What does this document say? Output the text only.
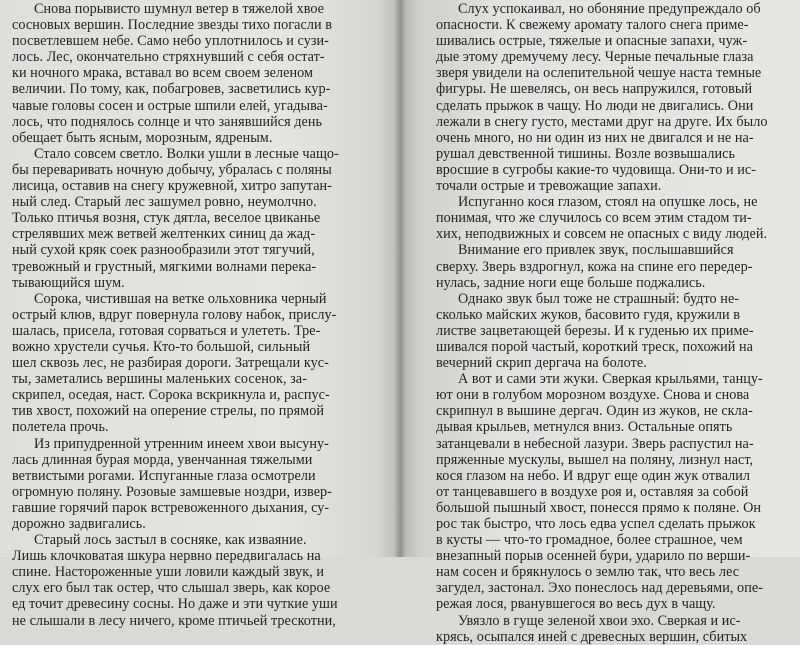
Снова порывисто шумнул ветер в тяжелой хвое
сосновых вершин. Последние звезды тихо погасли в
посветлевшем небе. Само небо уплотнилось и сузи-
лось. Лес, окончательно стряхнувший с себя остат-
ки ночного мрака, вставал во всем своем зеленом
величии. По тому, как, побагровев, засветились кур-
чавые головы сосен и острые шпили елей, угадыва-
лось, что поднялось солнце и что занявшийся день
обещает быть ясным, морозным, ядреным.
Стало совсем светло. Волки ушли в лесные чащо-
бы переваривать ночную добычу, убралась с поляны
лисица, оставив на снегу кружевной, хитро запутан-
ный след. Старый лес зашумел ровно, неумолчно.
Только птичья возня, стук дятла, веселое цвиканье
стрелявших меж ветвей желтенких синиц да жад-
ный сухой кряк соек разнообразили этот тягучий,
тревожный и грустный, мягкими волнами перека-
тывающийся шум.
Сорока, чистившая на ветке ольховника черный
острый клюв, вдруг повернула голову набок, прислу-
шалась, присела, готовая сорваться и улететь. Тре-
вожно хрустели сучья. Кто-то большой, сильный
шел сквозь лес, не разбирая дороги. Затрещали кус-
ты, заметались вершины маленьких сосенок, за-
скрипел, оседая, наст. Сорока вскрикнула и, распус-
тив хвост, похожий на оперение стрелы, по прямой
полетела прочь.
Из припудренной утренним инеем хвои высуну-
лась длинная бурая морда, увенчанная тяжелыми
ветвистыми рогами. Испуганные глаза осмотрели
огромную поляну. Розовые замшевые ноздри, извер-
гавшие горячий парок встревоженного дыхания, су-
дорожно задвигались.
Старый лось застыл в сосняке, как изваяние.
Лишь клочковатая шкура нервно передвигалась на
спине. Настороженные уши ловили каждый звук, и
слух его был так остер, что слышал зверь, как корое
ед точит древесину сосны. Но даже и эти чуткие уши
не слышали в лесу ничего, кроме птичьей трескотни,
Слух успокаивал, но обоняние предупреждало об
опасности. К свежему аромату талого снега приме-
шивались острые, тяжелые и опасные запахи, чуж-
дые этому дремучему лесу. Черные печальные глаза
зверя увидели на ослепительной чешуе наста темные
фигуры. Не шевелясь, он весь напружился, готовый
сделать прыжок в чащу. Но люди не двигались. Они
лежали в снегу густо, местами друг на друге. Их было
очень много, но ни один из них не двигался и не на-
рушал девственной тишины. Возле возвышались
вросшие в сугробы какие-то чудовища. Они-то и ис-
точали острые и тревожащие запахи.
Испуганно кося глазом, стоял на опушке лось, не
понимая, что же случилось со всем этим стадом ти-
хих, неподвижных и совсем не опасных с виду людей.
Внимание его привлек звук, послышавшийся
сверху. Зверь вздрогнул, кожа на спине его передер-
нулась, задние ноги еще больше поджались.
Однако звук был тоже не страшный: будто не-
сколько майских жуков, басовито гудя, кружили в
листве зацветающей березы. И к гуденью их приме-
шивался порой частый, короткий треск, похожий на
вечерний скрип дергача на болоте.
А вот и сами эти жуки. Сверкая крыльями, танцу-
ют они в голубом морозном воздухе. Снова и снова
скрипнул в вышине дергач. Один из жуков, не скла-
дывая крыльев, метнулся вниз. Остальные опять
затанцевали в небесной лазури. Зверь распустил на-
пряженные мускулы, вышел на поляну, лизнул наст,
кося глазом на небо. И вдруг еще один жук отвалил
от танцевавшего в воздухе роя и, оставляя за собой
большой пышный хвост, понесся прямо к поляне. Он
рос так быстро, что лось едва успел сделать прыжок
в кусты — что-то громадное, более страшное, чем
внезапный порыв осенней бури, ударило по верши-
нам сосен и брякнулось о землю так, что весь лес
загудел, застонал. Эхо понеслось над деревьями, опе-
режая лося, рванувшегося во весь дух в чащу.
Увязло в гуще зеленой хвои эхо. Сверкая и ис-
крясь, осыпался иней с древесных вершин, сбитых
